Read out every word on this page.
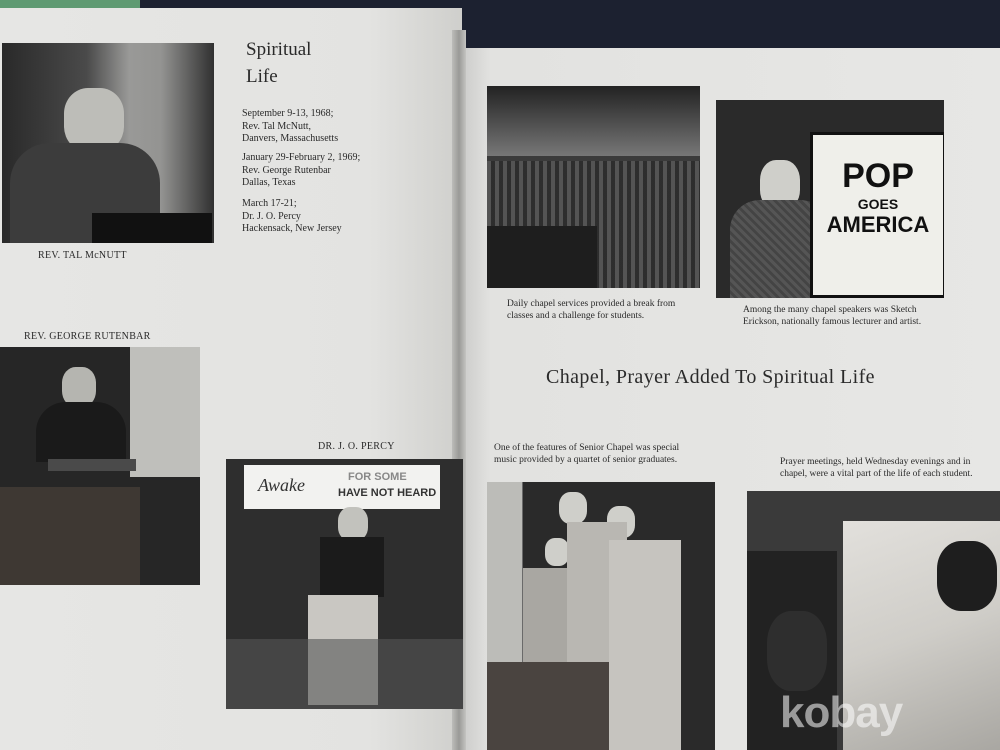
REV. TAL McNUTT
Spiritual
Life
September 9-13, 1968;
Rev. Tal McNutt,
Danvers, Massachusetts
January 29-February 2, 1969;
Rev. George Rutenbar
Dallas, Texas
March 17-21;
Dr. J. O. Percy
Hackensack, New Jersey
REV. GEORGE RUTENBAR
DR. J. O. PERCY
Awake	FOR SOME
HAVE NOT HEARD
Daily chapel services provided a break from classes and a challenge for students.
POP
GOES
AMERICA
Among the many chapel speakers was Sketch Erickson, nationally famous lecturer and artist.
Chapel, Prayer Added To Spiritual Life
One of the features of Senior Chapel was special music provided by a quartet of senior graduates.	Prayer meetings, held Wednesday evenings and in chapel, were a vital part of the life of each student.
kobay
